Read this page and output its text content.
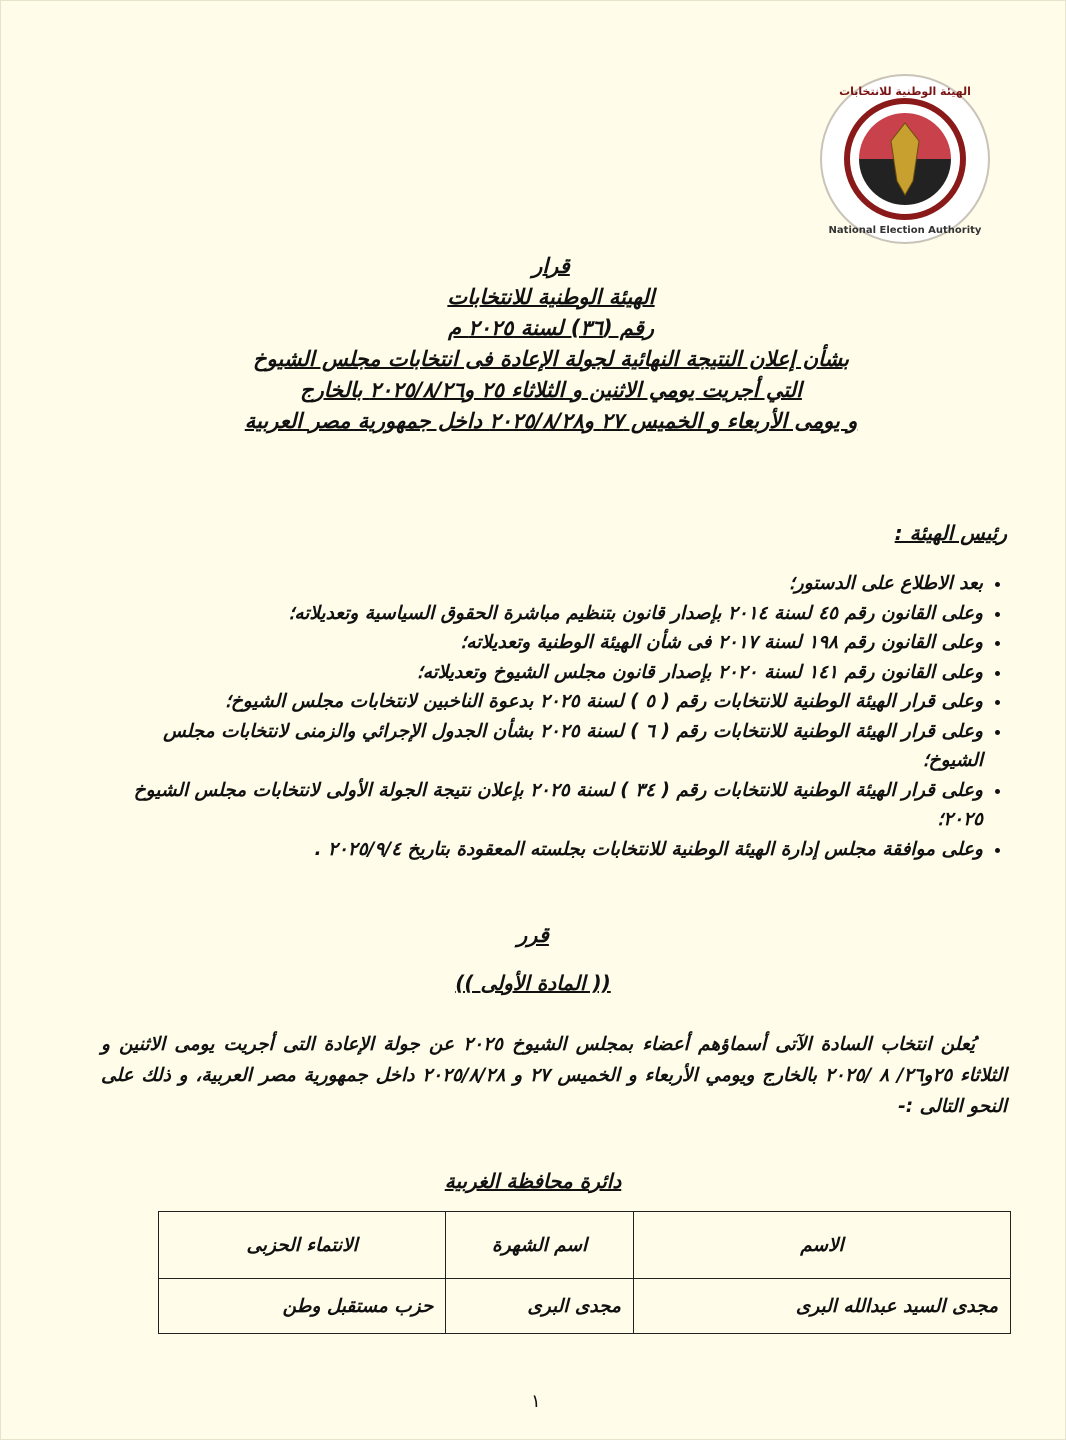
الهيئة الوطنية للانتخابات
National Election Authority
قرار
الهيئة الوطنية للانتخابات
رقم (٣٦) لسنة ٢٠٢٥ م
بشأن إعلان النتيجة النهائية لجولة الإعادة فى انتخابات مجلس الشيوخ
التي أجريت يومي الاثنين و الثلاثاء ٢٥ و٢٠٢٥/٨/٢٦ بالخارج
و يومى الأربعاء و الخميس ٢٧ و٢٠٢٥/٨/٢٨ داخل جمهورية مصر العربية
رئيس الهيئة :
• بعد الاطلاع على الدستور؛
• وعلى القانون رقم ٤٥ لسنة ٢٠١٤ بإصدار قانون بتنظيم مباشرة الحقوق السياسية وتعديلاته؛
• وعلى القانون رقم ١٩٨ لسنة ٢٠١٧ فى شأن الهيئة الوطنية وتعديلاته؛
• وعلى القانون رقم ١٤١ لسنة ٢٠٢٠ بإصدار قانون مجلس الشيوخ وتعديلاته؛
• وعلى قرار الهيئة الوطنية للانتخابات رقم ( ٥ ) لسنة ٢٠٢٥ بدعوة الناخبين لانتخابات مجلس الشيوخ؛
• وعلى قرار الهيئة الوطنية للانتخابات رقم ( ٦ ) لسنة ٢٠٢٥ بشأن الجدول الإجرائي والزمنى لانتخابات مجلس الشيوخ؛
• وعلى قرار الهيئة الوطنية للانتخابات رقم ( ٣٤ ) لسنة ٢٠٢٥ بإعلان نتيجة الجولة الأولى لانتخابات مجلس الشيوخ ٢٠٢٥؛
• وعلى موافقة مجلس إدارة الهيئة الوطنية للانتخابات بجلسته المعقودة بتاريخ ٢٠٢٥/٩/٤ .
قرر
(( المادة الأولى ))
يُعلن انتخاب السادة الآتى أسماؤهم أعضاء بمجلس الشيوخ ٢٠٢٥ عن جولة الإعادة التى أجريت يومى الاثنين و الثلاثاء ٢٥و٢٦/ ٨ /٢٠٢٥ بالخارج ويومي الأربعاء و الخميس ٢٧ و ٢٠٢٥/٨/٢٨ داخل جمهورية مصر العربية، و ذلك على النحو التالى :-
دائرة محافظة الغربية
الاسم	اسم الشهرة	الانتماء الحزبى
مجدى السيد عبدالله البرى	مجدى البرى	حزب مستقبل وطن
١
